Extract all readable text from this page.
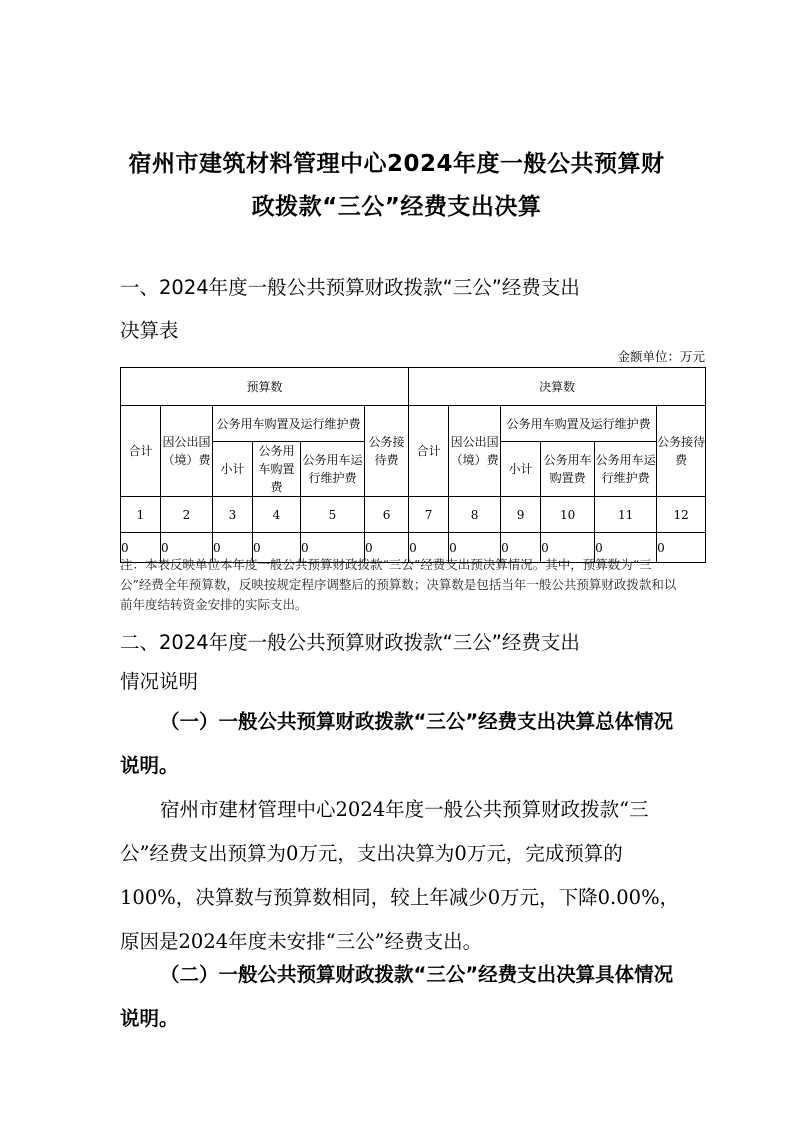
宿州市建筑材料管理中心2024年度一般公共预算财
政拨款“三公”经费支出决算
一、2024年度一般公共预算财政拨款“三公”经费支出
决算表
金额单位：万元
预算数						决算数					
合计	因公出国（境）费	公务用车购置及运行维护费			公务接待费	合计	因公出国（境）费	公务用车购置及运行维护费			公务接待费
		小计	公务用车购置费	公务用车运行维护费				小计	公务用车购置费	公务用车运行维护费	
1	2	3	4	5	6	7	8	9	10	11	12
0	0	0	0	0	0	0	0	0	0	0	0
注：本表反映单位本年度一般公共预算财政拨款“三公”经费支出预决算情况。其中，预算数为“三公”经费全年预算数，反映按规定程序调整后的预算数；决算数是包括当年一般公共预算财政拨款和以前年度结转资金安排的实际支出。
二、2024年度一般公共预算财政拨款“三公”经费支出
情况说明
（一）一般公共预算财政拨款“三公”经费支出决算总体情况说明。
宿州市建材管理中心2024年度一般公共预算财政拨款“三公”经费支出预算为0万元，支出决算为0万元，完成预算的100%，决算数与预算数相同，较上年减少0万元，下降0.00%，原因是2024年度未安排“三公”经费支出。
（二）一般公共预算财政拨款“三公”经费支出决算具体情况说明。
